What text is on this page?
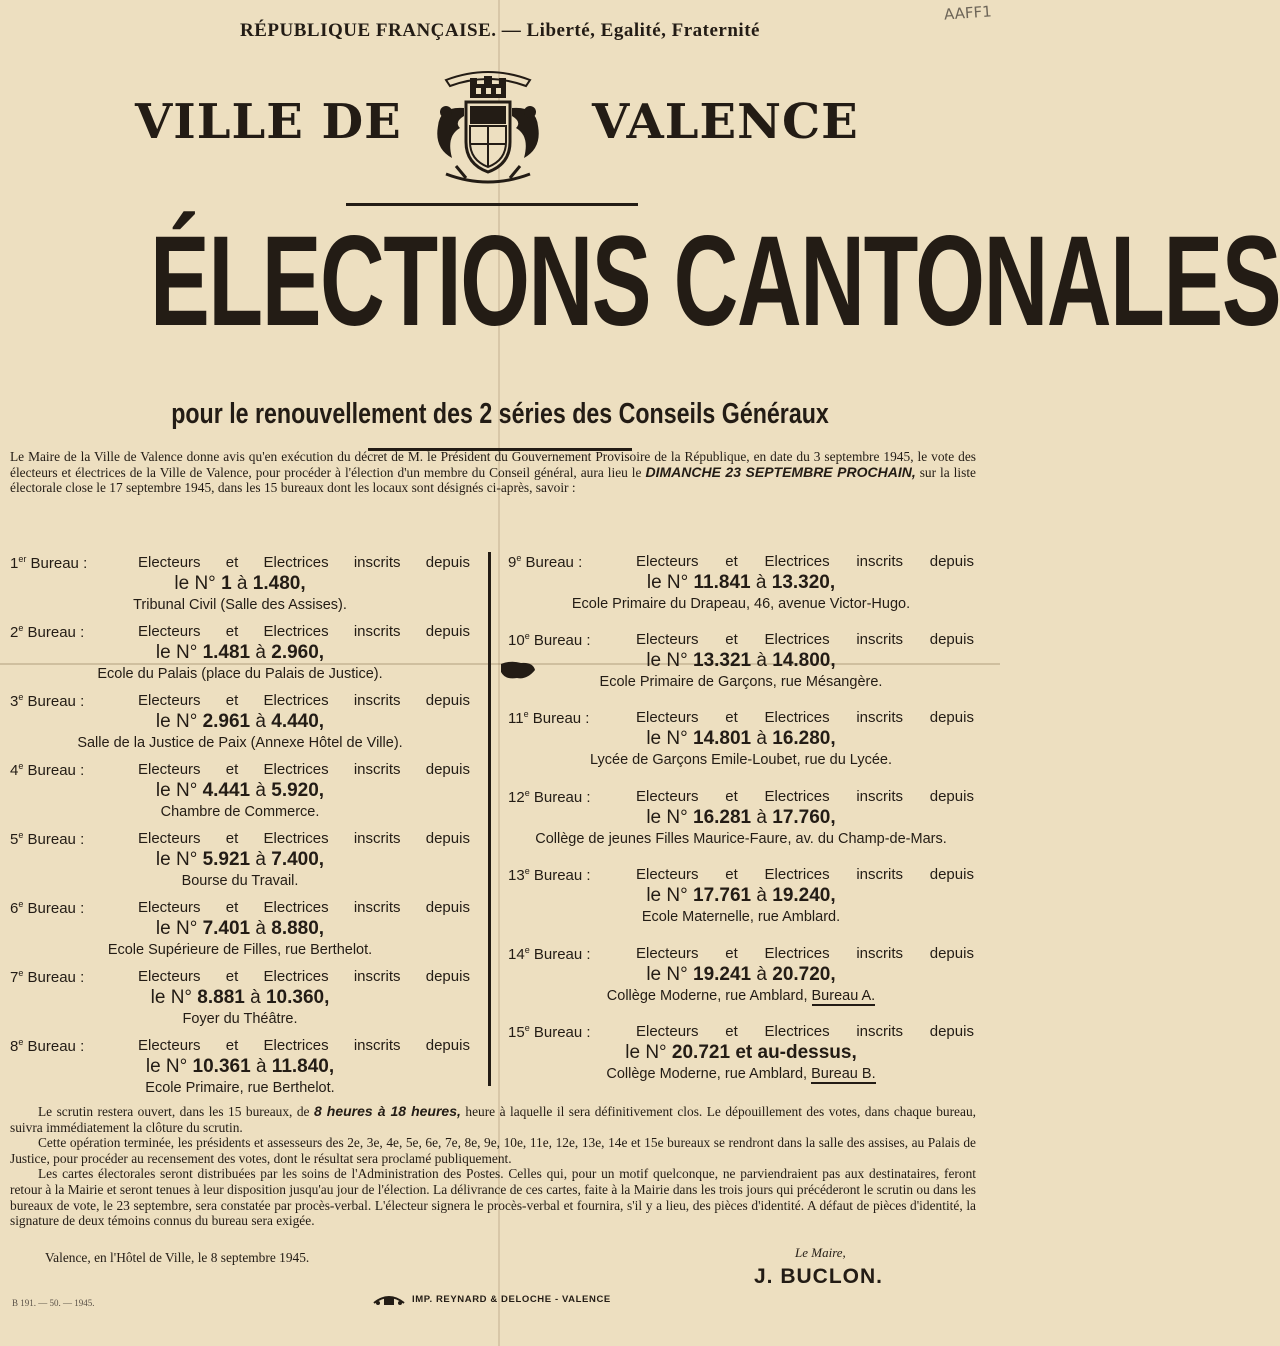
AAFF1
RÉPUBLIQUE FRANÇAISE. — Liberté, Egalité, Fraternité
VILLE DE	VALENCE
ÉLECTIONS CANTONALES
pour le renouvellement des 2 séries des Conseils Généraux
Le Maire de la Ville de Valence donne avis qu'en exécution du décret de M. le Président du Gouvernement Provisoire de la République, en date du 3 septembre 1945, le vote des électeurs et électrices de la Ville de Valence, pour procéder à l'élection d'un membre du Conseil général, aura lieu le DIMANCHE 23 SEPTEMBRE PROCHAIN, sur la liste électorale close le 17 septembre 1945, dans les 15 bureaux dont les locaux sont désignés ci-après, savoir :
1er Bureau :	Electeurs et Electrices inscrits depuis
le N° 1 à 1.480,
Tribunal Civil (Salle des Assises).
2e Bureau :	Electeurs et Electrices inscrits depuis
le N° 1.481 à 2.960,
Ecole du Palais (place du Palais de Justice).
3e Bureau :	Electeurs et Electrices inscrits depuis
le N° 2.961 à 4.440,
Salle de la Justice de Paix (Annexe Hôtel de Ville).
4e Bureau :	Electeurs et Electrices inscrits depuis
le N° 4.441 à 5.920,
Chambre de Commerce.
5e Bureau :	Electeurs et Electrices inscrits depuis
le N° 5.921 à 7.400,
Bourse du Travail.
6e Bureau :	Electeurs et Electrices inscrits depuis
le N° 7.401 à 8.880,
Ecole Supérieure de Filles, rue Berthelot.
7e Bureau :	Electeurs et Electrices inscrits depuis
le N° 8.881 à 10.360,
Foyer du Théâtre.
8e Bureau :	Electeurs et Electrices inscrits depuis
le N° 10.361 à 11.840,
Ecole Primaire, rue Berthelot.
9e Bureau :	Electeurs et Electrices inscrits depuis
le N° 11.841 à 13.320,
Ecole Primaire du Drapeau, 46, avenue Victor-Hugo.
10e Bureau :	Electeurs et Electrices inscrits depuis
le N° 13.321 à 14.800,
Ecole Primaire de Garçons, rue Mésangère.
11e Bureau :	Electeurs et Electrices inscrits depuis
le N° 14.801 à 16.280,
Lycée de Garçons Emile-Loubet, rue du Lycée.
12e Bureau :	Electeurs et Electrices inscrits depuis
le N° 16.281 à 17.760,
Collège de jeunes Filles Maurice-Faure, av. du Champ-de-Mars.
13e Bureau :	Electeurs et Electrices inscrits depuis
le N° 17.761 à 19.240,
Ecole Maternelle, rue Amblard.
14e Bureau :	Electeurs et Electrices inscrits depuis
le N° 19.241 à 20.720,
Collège Moderne, rue Amblard, Bureau A.
15e Bureau :	Electeurs et Electrices inscrits depuis
le N° 20.721 et au-dessus,
Collège Moderne, rue Amblard, Bureau B.

Le scrutin restera ouvert, dans les 15 bureaux, de 8 heures à 18 heures, heure à laquelle il sera définitivement clos. Le dépouillement des votes, dans chaque bureau, suivra immédiatement la clôture du scrutin.

Cette opération terminée, les présidents et assesseurs des 2e, 3e, 4e, 5e, 6e, 7e, 8e, 9e, 10e, 11e, 12e, 13e, 14e et 15e bureaux se rendront dans la salle des assises, au Palais de Justice, pour procéder au recensement des votes, dont le résultat sera proclamé publiquement.

Les cartes électorales seront distribuées par les soins de l'Administration des Postes. Celles qui, pour un motif quelconque, ne parviendraient pas aux destinataires, feront retour à la Mairie et seront tenues à leur disposition jusqu'au jour de l'élection. La délivrance de ces cartes, faite à la Mairie dans les trois jours qui précéderont le scrutin ou dans les bureaux de vote, le 23 septembre, sera constatée par procès-verbal. L'électeur signera le procès-verbal et fournira, s'il y a lieu, des pièces d'identité. A défaut de pièces d'identité, la signature de deux témoins connus du bureau sera exigée.

Valence, en l'Hôtel de Ville, le 8 septembre 1945.	Le Maire,
J. BUCLON.
B 191. — 50. — 1945.	IMP. REYNARD & DELOCHE - VALENCE
